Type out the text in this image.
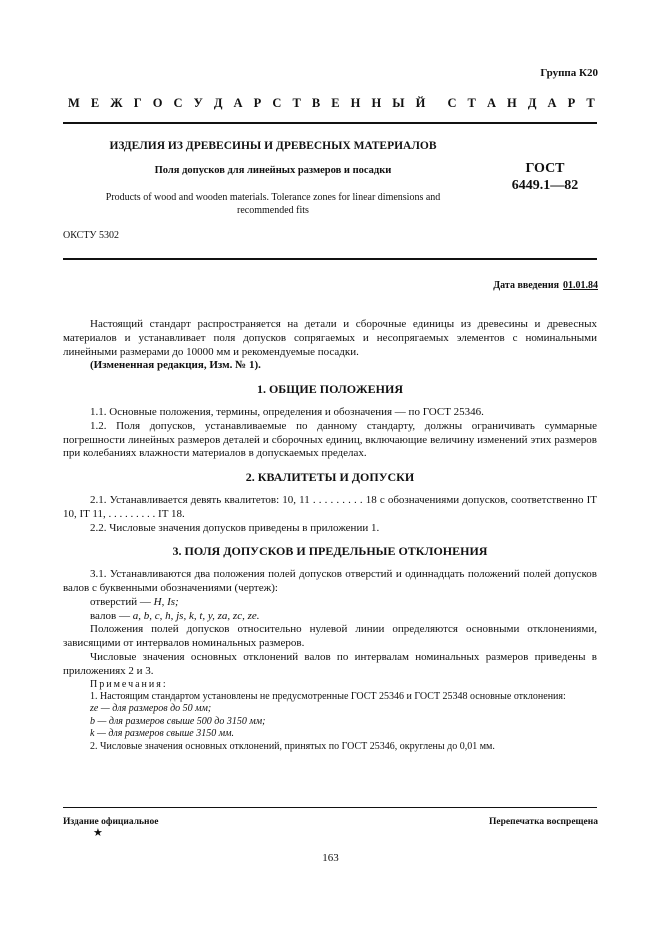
Группа К20
М Е Ж Г О С У Д А Р С Т В Е Н Н Ы Й С Т А Н Д А Р Т
ИЗДЕЛИЯ ИЗ ДРЕВЕСИНЫ И ДРЕВЕСНЫХ МАТЕРИАЛОВ
Поля допусков для линейных размеров и посадки
Products of wood and wooden materials. Tolerance zones for linear dimensions and
recommended fits
ГОСТ
6449.1—82
ОКСТУ 5302
Дата введения 01.01.84

Настоящий стандарт распространяется на детали и сборочные единицы из древесины и древесных материалов и устанавливает поля допусков сопрягаемых и несопрягаемых элементов с номинальными линейными размерами до 10000 мм и рекомендуемые посадки.

(Измененная редакция, Изм. № 1).

1. ОБЩИЕ ПОЛОЖЕНИЯ

1.1. Основные положения, термины, определения и обозначения — по ГОСТ 25346.

1.2. Поля допусков, устанавливаемые по данному стандарту, должны ограничивать суммарные погрешности линейных размеров деталей и сборочных единиц, включающие величину изменений этих размеров при колебаниях влажности материалов в допускаемых пределах.

2. КВАЛИТЕТЫ И ДОПУСКИ

2.1. Устанавливается девять квалитетов: 10, 11 . . . . . . . . . 18 с обозначениями допусков, соответственно IT 10, IT 11, . . . . . . . . . IT 18.

2.2. Числовые значения допусков приведены в приложении 1.

3. ПОЛЯ ДОПУСКОВ И ПРЕДЕЛЬНЫЕ ОТКЛОНЕНИЯ

3.1. Устанавливаются два положения полей допусков отверстий и одиннадцать положений полей допусков валов с буквенными обозначениями (чертеж):

отверстий — H, Is;

валов — a, b, c, h, js, k, t, y, za, zc, ze.

Положения полей допусков относительно нулевой линии определяются основными отклонениями, зависящими от интервалов номинальных размеров.

Числовые значения основных отклонений валов по интервалам номинальных размеров приведены в приложениях 2 и 3.

Примечания:

1. Настоящим стандартом установлены не предусмотренные ГОСТ 25346 и ГОСТ 25348 основные отклонения:

ze — для размеров до 50 мм;

b — для размеров свыше 500 до 3150 мм;

k — для размеров свыше 3150 мм.

2. Числовые значения основных отклонений, принятых по ГОСТ 25346, округлены до 0,01 мм.

Издание официальное	Перепечатка воспрещена
★
163
